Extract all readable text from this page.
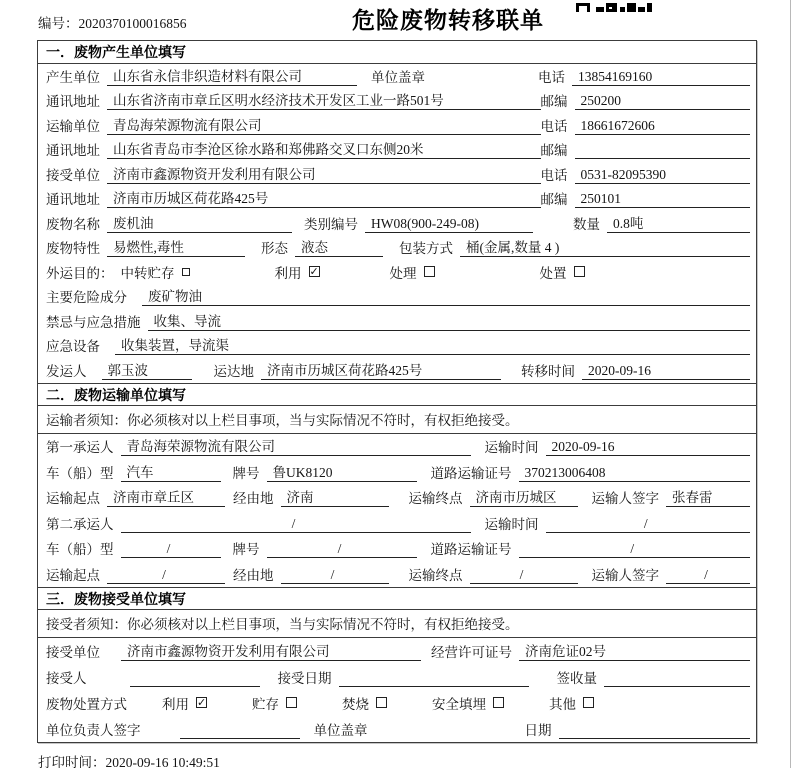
编号：2020370100016856	危险废物转移联单
一．废物产生单位填写
产生单位 山东省永信非织造材料有限公司	单位盖章	电话 13854169160
通讯地址 山东省济南市章丘区明水经济技术开发区工业一路501号	邮编 250200
运输单位 青岛海荣源物流有限公司	电话 18661672606
通讯地址 山东省青岛市李沧区徐水路和郑佛路交叉口东侧20米	邮编
接受单位 济南市鑫源物资开发利用有限公司	电话 0531-82095390
通讯地址 济南市历城区荷花路425号	邮编 250101
废物名称 废机油	类别编号 HW08(900-249-08)	数量 0.8吨
废物特性 易燃性,毒性	形态 液态	包装方式 桶(金属,数量 4 )
外运目的： 中转贮存	利用 ✓	处理	处置
主要危险成分	废矿物油
禁忌与应急措施 收集、导流
应急设备	收集装置，导流渠
发运人	郭玉波	运达地 济南市历城区荷花路425号	转移时间 2020-09-16
二．废物运输单位填写
运输者须知：你必须核对以上栏目事项，当与实际情况不符时，有权拒绝接受。
第一承运人 青岛海荣源物流有限公司	运输时间 2020-09-16
车（船）型 汽车	牌号 鲁UK8120	道路运输证号 370213006408
运输起点 济南市章丘区	经由地 济南	运输终点 济南市历城区	运输人签字 张春雷
第二承运人	/	运输时间	/
车（船）型	/	牌号	/	道路运输证号	/
运输起点	/	经由地	/	运输终点	/	运输人签字	/
三．废物接受单位填写
接受者须知：你必须核对以上栏目事项，当与实际情况不符时，有权拒绝接受。
接受单位	济南市鑫源物资开发利用有限公司	经营许可证号 济南危证02号
接受人	接受日期	签收量
废物处置方式	利用 ✓	贮存	焚烧	安全填埋	其他
单位负责人签字	单位盖章	日期
打印时间：2020-09-16 10:49:51
